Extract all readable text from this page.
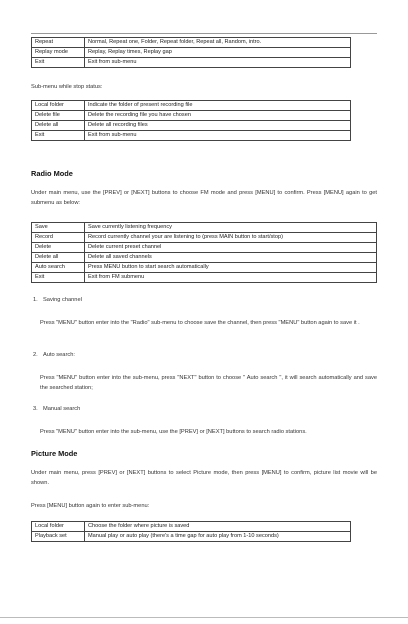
Repeat	Normal, Repeat one, Folder, Repeat folder, Repeat all, Random, intro.
Replay mode	Replay, Replay times, Replay gap
Exit	Exit from sub-menu
Sub-menu while stop status:
Local folder	Indicate the folder of present recording file
Delete file	Delete the recording file you have chosen
Delete all	Delete all recording files
Exit	Exit from sub-menu
Radio Mode
Under main menu, use the [PREV] or [NEXT] buttons to choose FM mode and press [MENU] to confirm. Press [MENU] again to get submenu as below:
Save	Save currently listening frequency
Record	Record currently channel your are listening to (press MAIN button to start/stop)
Delete	Delete current preset channel
Delete all	Delete all saved channels
Auto search	Press MENU button to start search automatically
Exit	Exit from FM submenu
1. Saving channel
Press "MENU" button enter into the "Radio" sub-menu to choose save the channel, then press "MENU" button again to save it .
2. Auto search:
Press "MENU" button enter into the sub-menu, press "NEXT" button to choose " Auto search ", it will search automatically and save the searched station;
3. Manual search
Press "MENU" button enter into the sub-menu, use the [PREV] or [NEXT] buttons to search radio stations.
Picture Mode
Under main menu, press [PREV] or [NEXT] buttons to select Picture mode, then press [MENU] to confirm, picture list movie will be shown.
Press [MENU] button again to enter sub-menu:
Local folder	Choose the folder where picture is saved
Playback set	Manual play or auto play (there's a time gap for auto play from 1-10 seconds)
